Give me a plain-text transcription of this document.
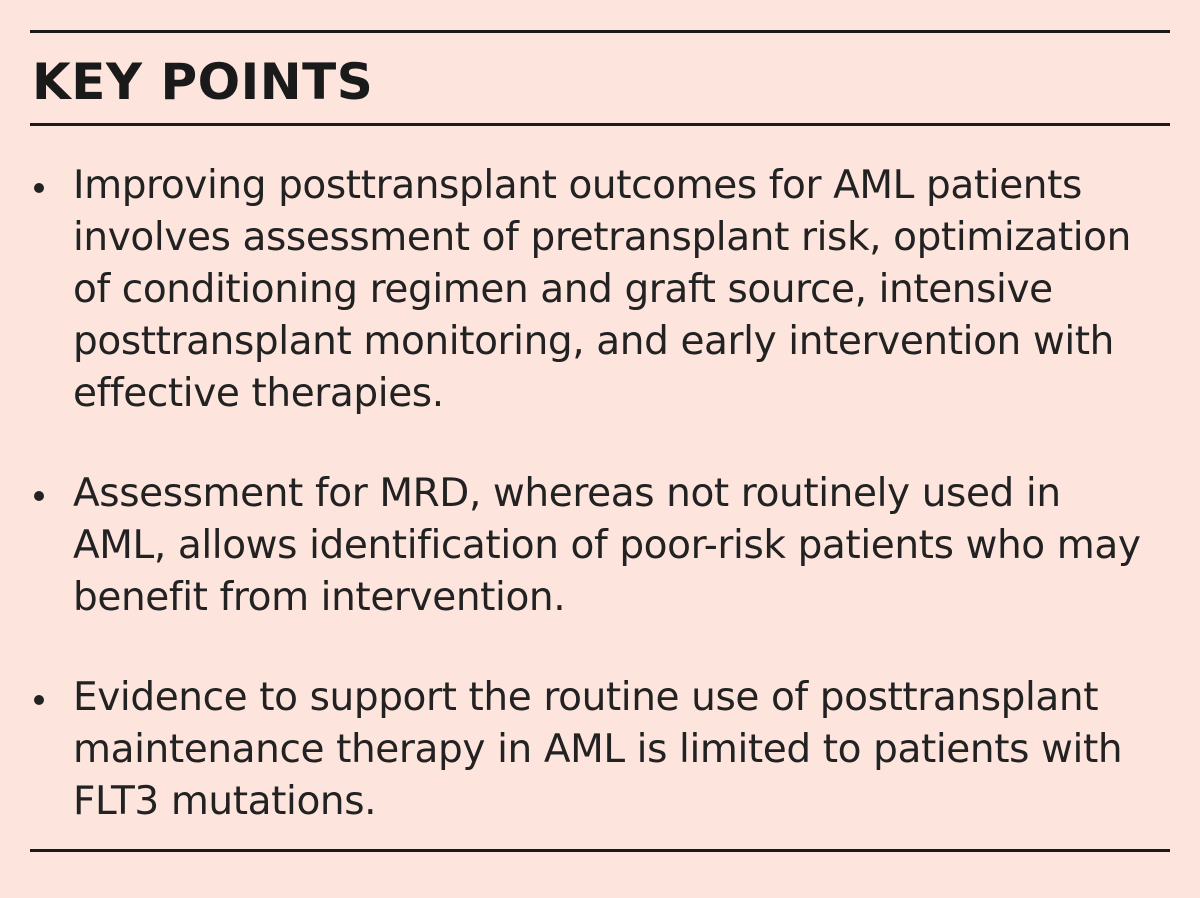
KEY POINTS
Improving posttransplant outcomes for AML patients involves assessment of pretransplant risk, optimization of conditioning regimen and graft source, intensive posttransplant monitoring, and early intervention with effective therapies.
Assessment for MRD, whereas not routinely used in AML, allows identification of poor-risk patients who may benefit from intervention.
Evidence to support the routine use of posttransplant maintenance therapy in AML is limited to patients with FLT3 mutations.
